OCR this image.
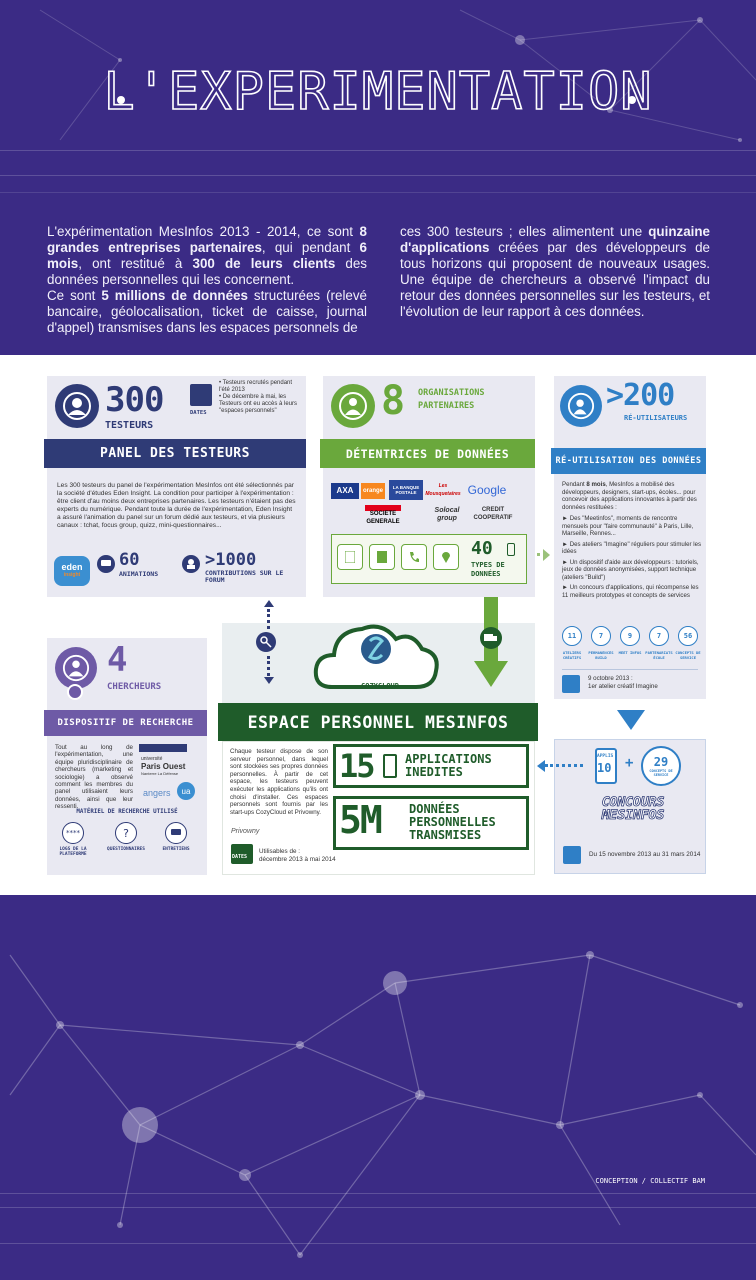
L'EXPERIMENTATION
L'expérimentation MesInfos 2013 - 2014, ce sont 8 grandes entreprises partenaires, qui pendant 6 mois, ont restitué à 300 de leurs clients des données personnelles qui les concernent.
Ce sont 5 millions de données structurées (relevé bancaire, géolocalisation, ticket de caisse, journal d'appel) transmises dans les espaces personnels de
ces 300 testeurs ; elles alimentent une quinzaine d'applications créées par des développeurs de tous horizons qui proposent de nouveaux usages. Une équipe de chercheurs a observé l'impact du retour des données personnelles sur les testeurs, et l'évolution de leur rapport à ces données.
300
TESTEURS
DATES
• Testeurs recrutés pendant l'été 2013
• De décembre à mai, les Testeurs ont eu accès à leurs "espaces personnels"
PANEL DES TESTEURS
Les 300 testeurs du panel de l'expérimentation MesInfos ont été sélectionnés par la société d'études Eden Insight. La condition pour participer à l'expérimentation : être client d'au moins deux entreprises partenaires. Les testeurs n'étaient pas des experts du numérique. Pendant toute la durée de l'expérimentation, Eden Insight a assuré l'animation du panel sur un forum dédié aux testeurs, et via plusieurs canaux : tchat, focus group, quizz, mini-questionnaires...
eden
insight
60
ANIMATIONS
>1000
CONTRIBUTIONS SUR LE FORUM
8 ORGANISATIONS
PARTENAIRES
DÉTENTRICES DE DONNÉES
AXA	orange
LA BANQUE POSTALE
Les Mousquetaires Google
SOCIETE GENERALE
Solocal group
CREDIT COOPERATIF
40
TYPES DE
DONNÉES
>200
RÉ-UTILISATEURS
RÉ-UTILISATION DES DONNÉES
Pendant 8 mois, MesInfos a mobilisé des développeurs, designers, start-ups, écoles... pour concevoir des applications innovantes à partir des données restituées :
► Des "Meetinfos", moments de rencontre mensuels pour "faire communauté" à Paris, Lille, Marseille, Rennes...
► Des ateliers "Imagine" réguliers pour stimuler les idées
► Un dispositif d'aide aux développeurs : tutoriels, jeux de données anonymisées, support technique (ateliers "Build")
► Un concours d'applications, qui récompense les 11 meilleurs prototypes et concepts de services
11
ATELIERS CRÉATIFS
7
PERMANENCES BUILD
9
MEET INFOS
7
PARTENARIATS ÉCOLE
56
CONCEPTS DE SERVICE
9 octobre 2013 :
1er atelier créatif Imagine
APPLIS
10 + 29
CONCEPTS DE SERVICE
CONCOURS
MESINFOS
Du 15 novembre 2013 au 31 mars 2014
COZYCLOUD
ESPACE PERSONNEL MESINFOS
Chaque testeur dispose de son serveur personnel, dans lequel sont stockées ses propres données personnelles. À partir de cet espace, les testeurs peuvent exécuter les applications qu'ils ont choisi d'installer. Ces espaces personnels sont fournis par les start-ups CozyCloud et Privowny.
Privowny
DATES
Utilisables de :
décembre 2013 à mai 2014
15	APPLICATIONS
INEDITES
5M DONNÉES
PERSONNELLES
TRANSMISES
4
CHERCHEURS
DISPOSITIF DE RECHERCHE
Tout au long de l'expérimentation, une équipe pluridisciplinaire de chercheurs (marketing et sociologie) a observé comment les membres du panel utilisaient leurs données, ainsi que leur ressenti.
université
Paris Ouest
Nanterre La Défense
angers	ua
MATÉRIEL DE RECHERCHE UTILISÉ
****
LOGS DE LA PLATEFORME
?
QUESTIONNAIRES	ENTRETIENS
CONCEPTION / COLLECTIF BAM
